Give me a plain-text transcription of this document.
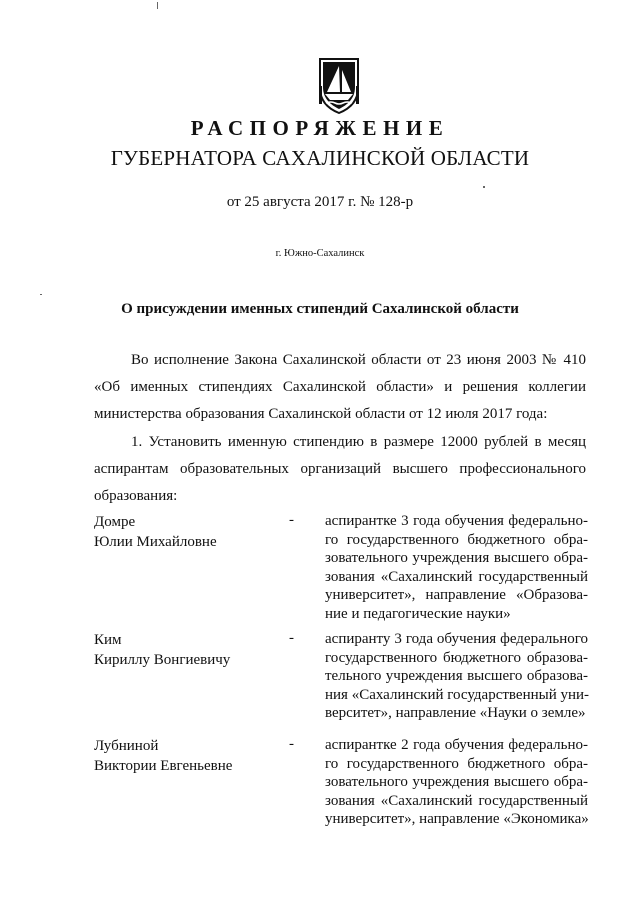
РАСПОРЯЖЕНИЕ
ГУБЕРНАТОРА САХАЛИНСКОЙ ОБЛАСТИ
от 25 августа 2017 г. № 128-р
г. Южно-Сахалинск
О присуждении именных стипендий Сахалинской области
Во исполнение Закона Сахалинской области от 23 июня 2003 № 410
«Об именных стипендиях Сахалинской области» и решения коллегии
министерства образования Сахалинской области от 12 июля 2017 года:
1. Установить именную стипендию в размере 12000 рублей в месяц
аспирантам образовательных организаций высшего профессионального
образования:
Домре
Юлии Михайловне
- аспирантке 3 года обучения федерально-
го государственного бюджетного обра-
зовательного учреждения высшего обра-
зования «Сахалинский государственный
университет», направление «Образова-
ние и педагогические науки»
Ким
Кириллу Вонгиевичу
- аспиранту 3 года обучения федерального
государственного бюджетного образова-
тельного учреждения высшего образова-
ния «Сахалинский государственный уни-
верситет», направление «Науки о земле»
Лубниной
Виктории Евгеньевне
- аспирантке 2 года обучения федерально-
го государственного бюджетного обра-
зовательного учреждения высшего обра-
зования «Сахалинский государственный
университет», направление «Экономика»
